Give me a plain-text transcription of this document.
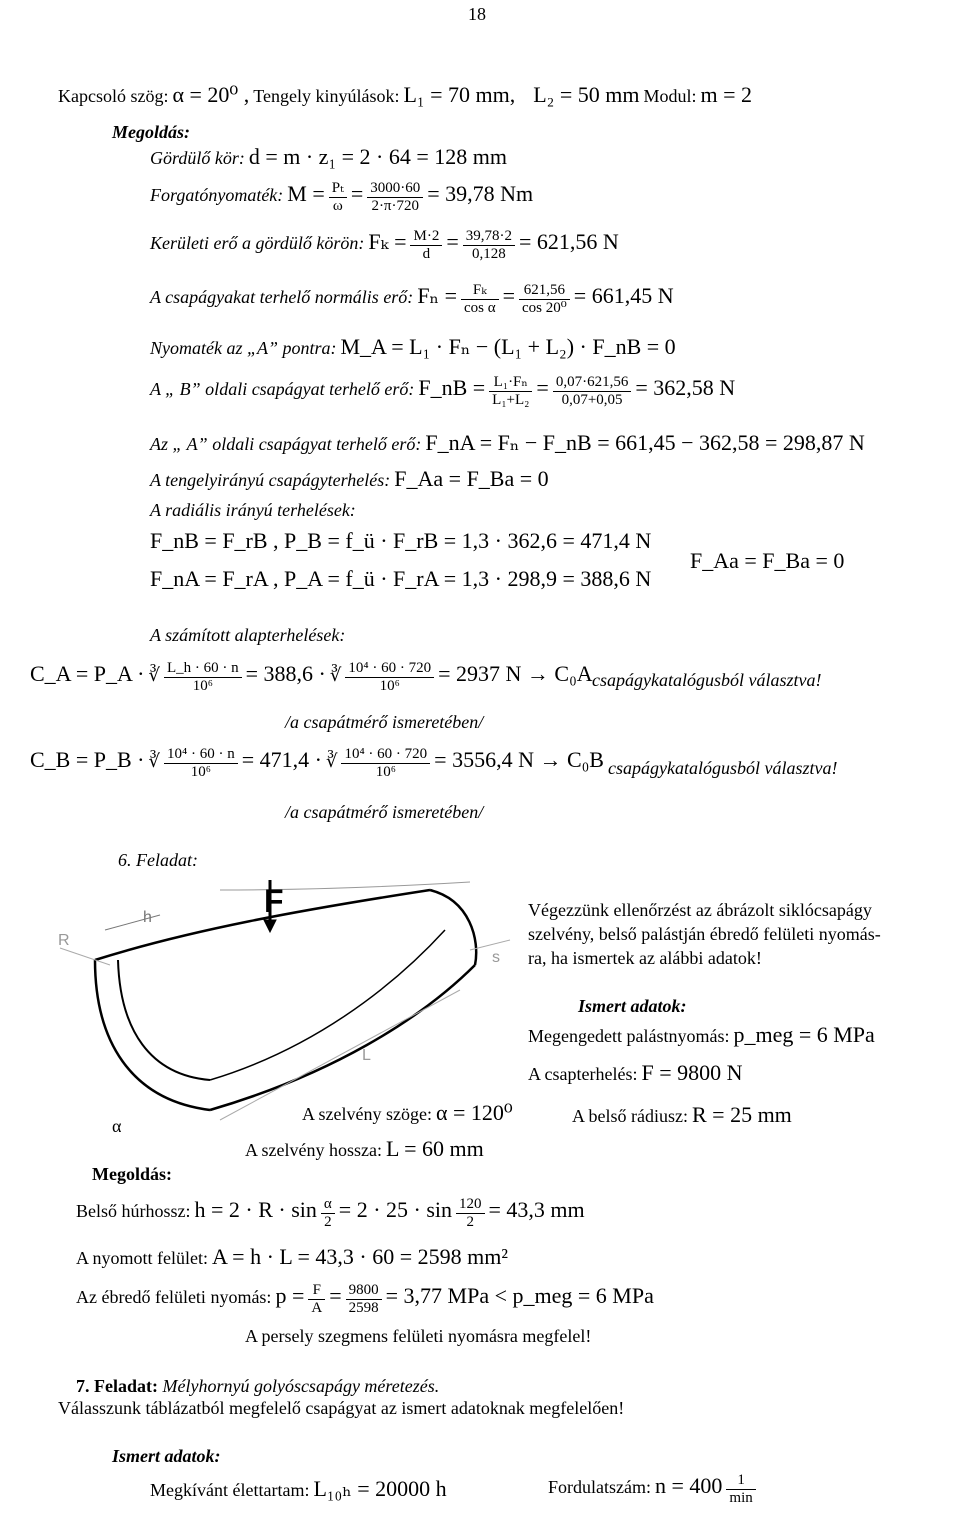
18
Kapcsoló szög: α = 20⁰ , Tengely kinyúlások: L₁ = 70 mm, L₂ = 50 mm Modul: m = 2
Megoldás:
Gördülő kör: d = m · z₁ = 2 · 64 = 128 mm
Forgatónyomaték: $M = \frac{\text{Pₜ}}{\omega} = \frac{3000\cdot 60}{2\cdot\pi\cdot 720} = 39,78$ Nm
Kerületi erő a gördülő körön: $F_k = \frac{M\cdot 2}{d} = \frac{39,78\cdot 2}{0,128} = 621,56$ N
A csapágyakat terhelő normális erő: $F_n = \frac{\text{Fₖ}}{\text{cos α}} = \frac{621,56}{\text{cos 20⁰}} = 661,45$ N
Nyomaték az „A” pontra: M_A = L₁ · Fₙ − (L₁ + L₂) · F_nB = 0
A „ B” oldali csapágyat terhelő erő: F_nB = $\frac{\text{L₁·Fₙ}}{\text{L₁+L₂}} = \frac{0,07\cdot 621,56}{0,07+0,05} = 362,58$ N
Az „ A” oldali csapágyat terhelő erő: F_nA = Fₙ − F_nB = 661,45 − 362,58 = 298,87 N
A tengelyirányú csapágyterhelés: F_Aa = F_Ba = 0
A radiális irányú terhelések:
F_nB = F_rB , P_B = f_ü · F_rB = 1,3 · 362,6 = 471,4 N
F_nA = F_rA , P_A = f_ü · F_rA = 1,3 · 298,9 = 388,6 N
F_Aa = F_Ba = 0
A számított alapterhelések:
C_A = P_A · ∛ $\frac{L\_h \cdot 60 \cdot n}{\text{10⁶}} = 388,6$ · ∛ $\frac{\text{10⁴ · 60 · 720}}{\text{10⁶}} = 2937$ N → C₀A csapágykatalógusból választva!
/a csapátmérő ismeretében/
C_B = P_B · ∛ $\frac{\text{10⁴ · 60 · n}}{\text{10⁶}} = 471,4$ · ∛ $\frac{\text{10⁴ · 60 · 720}}{\text{10⁶}} = 3556,4$ N → C₀B csapágykatalógusból választva!
/a csapátmérő ismeretében/
6. Feladat:
F
h
R
s
L
α
Végezzünk ellenőrzést az ábrázolt siklócsapágy
szelvény, belső palástján ébredő felületi nyomás-
ra, ha ismertek az alábbi adatok!
Ismert adatok:
Megengedett palástnyomás: p_meg = 6 MPa
A csapterhelés: F = 9800 N
A szelvény szöge: α = 120⁰	A belső rádiusz: R = 25 mm
A szelvény hossza: L = 60 mm
Megoldás:
Belső húrhossz: $h = 2 \cdot R \cdot \sin \frac{\alpha}{2} = 2 \cdot 25 \cdot \sin \frac{120}{2} = 43,3$ mm
A nyomott felület: A = h · L = 43,3 · 60 = 2598 mm²
Az ébredő felületi nyomás: $p = \frac{F}{A} = \frac{9800}{2598} = 3,77$ MPa < p_meg = 6 MPa
A persely szegmens felületi nyomásra megfelel!
7. Feladat: Mélyhornyú golyóscsapágy méretezés.
Válasszunk táblázatból megfelelő csapágyat az ismert adatoknak megfelelően!
Ismert adatok:
Megkívánt élettartam: L₁₀ₕ = 20000 h	Fordulatszám: $n = 400 \frac{1}{\min}$
